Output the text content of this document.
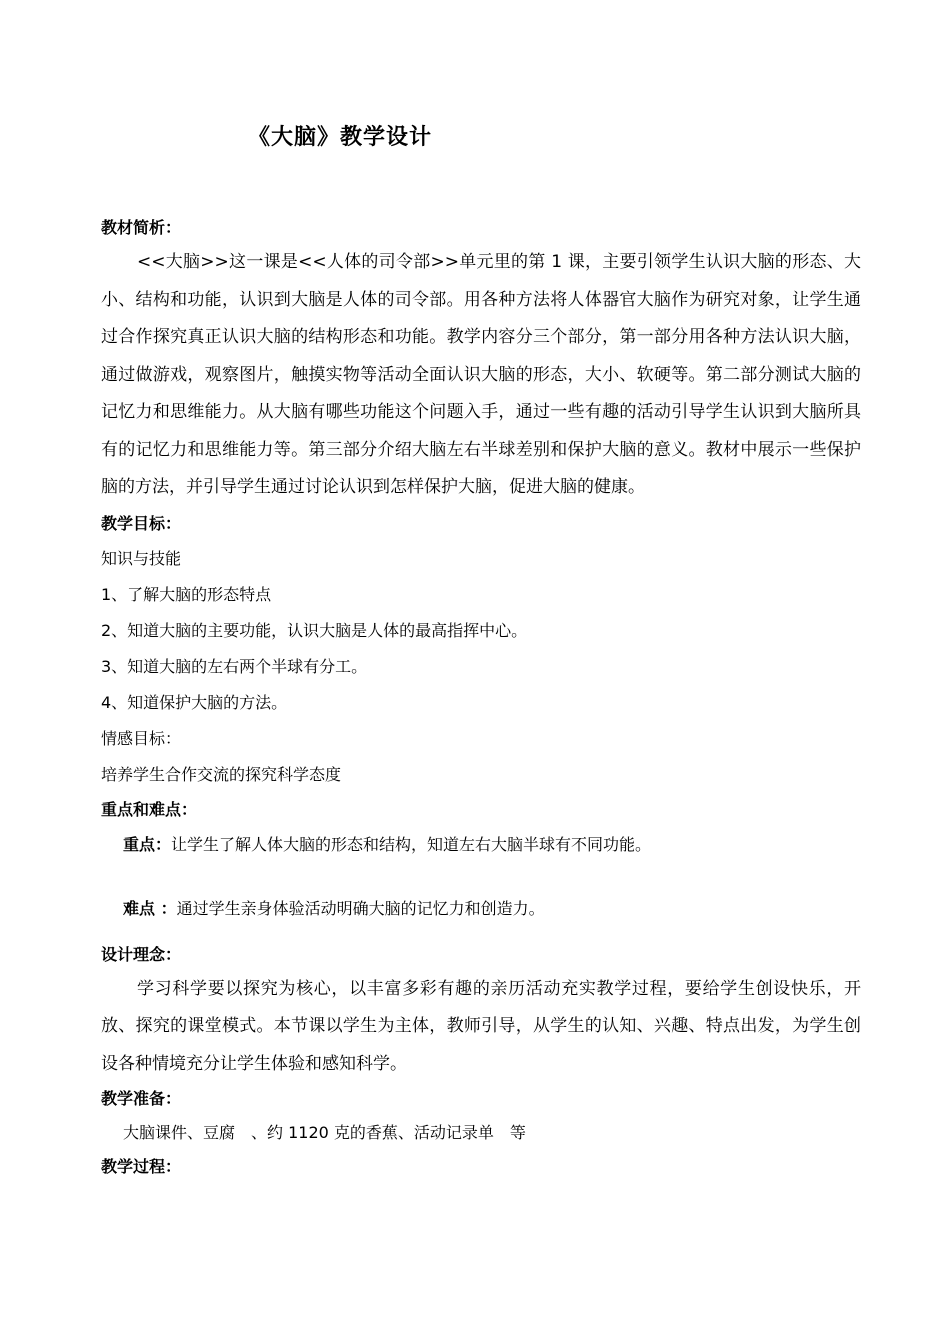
《大脑》教学设计

教材简析：

<<大脑>>这一课是<<人体的司令部>>单元里的第 1 课，主要引领学生认识大脑的形态、大小、结构和功能，认识到大脑是人体的司令部。用各种方法将人体器官大脑作为研究对象，让学生通过合作探究真正认识大脑的结构形态和功能。教学内容分三个部分，第一部分用各种方法认识大脑，通过做游戏，观察图片，触摸实物等活动全面认识大脑的形态，大小、软硬等。第二部分测试大脑的记忆力和思维能力。从大脑有哪些功能这个问题入手，通过一些有趣的活动引导学生认识到大脑所具有的记忆力和思维能力等。第三部分介绍大脑左右半球差别和保护大脑的意义。教材中展示一些保护脑的方法，并引导学生通过讨论认识到怎样保护大脑，促进大脑的健康。

教学目标：

知识与技能

1、了解大脑的形态特点

2、知道大脑的主要功能，认识大脑是人体的最高指挥中心。

3、知道大脑的左右两个半球有分工。

4、知道保护大脑的方法。

情感目标：

培养学生合作交流的探究科学态度

重点和难点：

重点：让学生了解人体大脑的形态和结构，知道左右大脑半球有不同功能。

难点 ：通过学生亲身体验活动明确大脑的记忆力和创造力。

设计理念：

学习科学要以探究为核心，以丰富多彩有趣的亲历活动充实教学过程，要给学生创设快乐，开放、探究的课堂模式。本节课以学生为主体，教师引导，从学生的认知、兴趣、特点出发，为学生创设各种情境充分让学生体验和感知科学。

教学准备：

大脑课件、豆腐　、约 1120 克的香蕉、活动记录单　等

教学过程：
